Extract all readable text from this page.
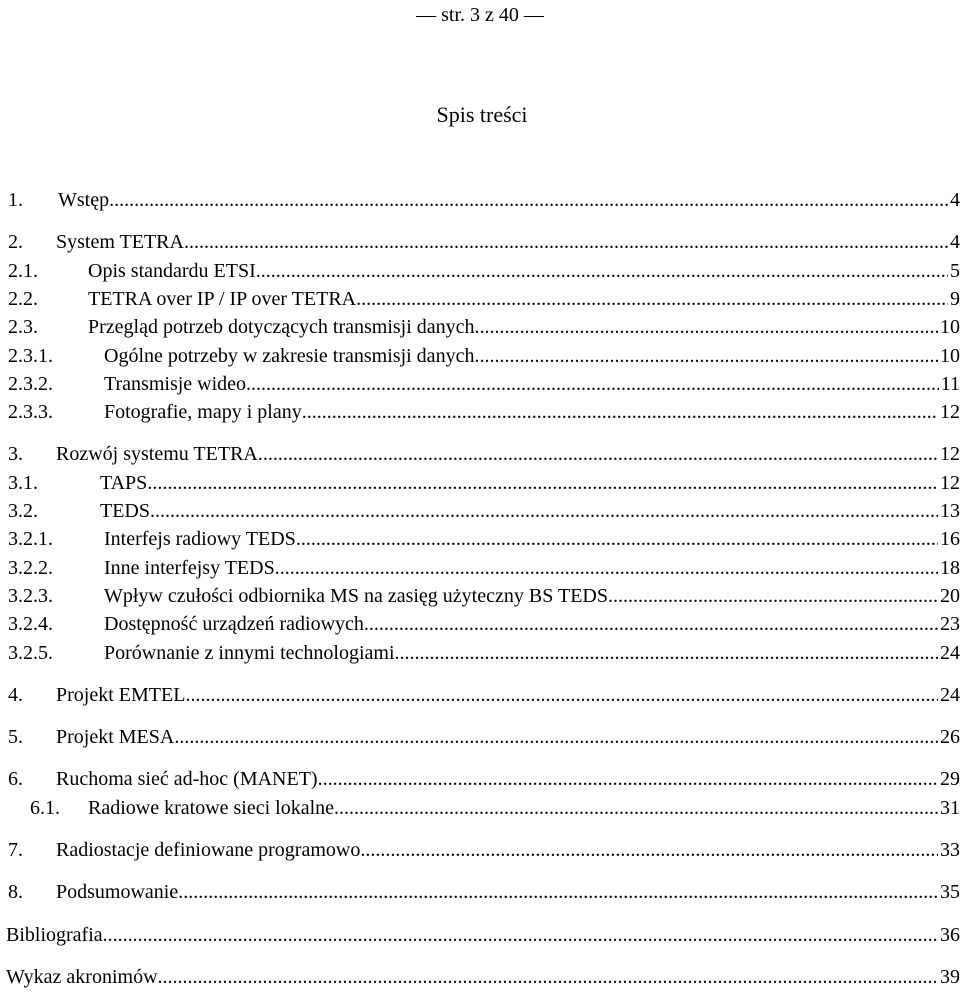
— str. 3 z 40 —
Spis treści
1.	Wstęp .....	4
2.	System TETRA .....	4
2.1.	Opis standardu ETSI .....	5
2.2.	TETRA over IP / IP over TETRA .....	9
2.3.	Przegląd potrzeb dotyczących transmisji danych .....	10
2.3.1.	Ogólne potrzeby w zakresie transmisji danych .....	10
2.3.2.	Transmisje wideo .....	11
2.3.3.	Fotografie, mapy i plany .....	12
3.	Rozwój systemu TETRA .....	12
3.1.	TAPS .....	12
3.2.	TEDS .....	13
3.2.1.	Interfejs radiowy TEDS .....	16
3.2.2.	Inne interfejsy TEDS .....	18
3.2.3.	Wpływ czułości odbiornika MS na zasięg użyteczny BS TEDS .....	20
3.2.4.	Dostępność urządzeń radiowych .....	23
3.2.5.	Porównanie z innymi technologiami .....	24
4.	Projekt EMTEL .....	24
5.	Projekt MESA .....	26
6.	Ruchoma sieć ad-hoc (MANET) .....	29
6.1.	Radiowe kratowe sieci lokalne .....	31
7.	Radiostacje definiowane programowo .....	33
8.	Podsumowanie .....	35
Bibliografia .....	36
Wykaz akronimów .....	39
